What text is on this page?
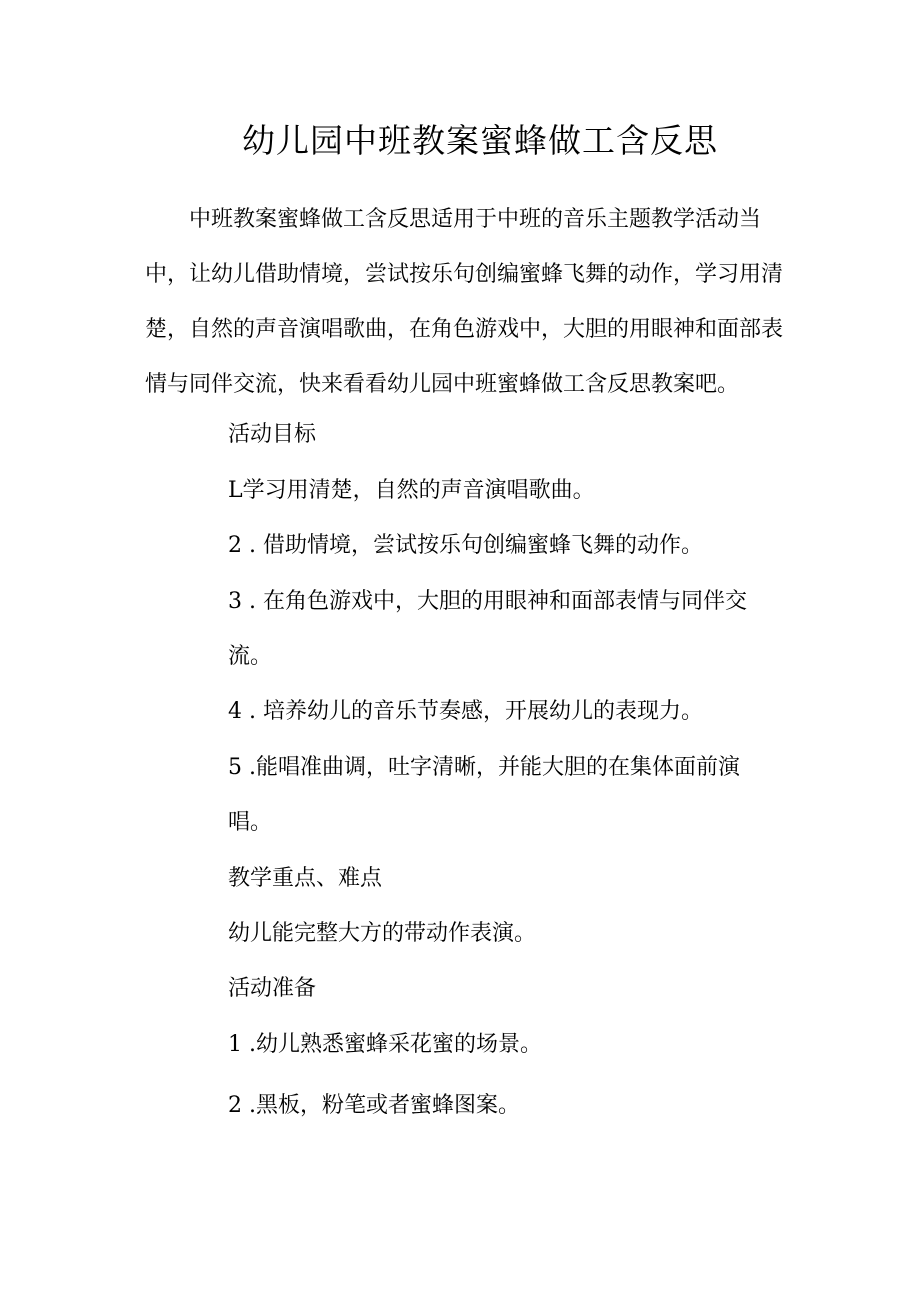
幼儿园中班教案蜜蜂做工含反思
中班教案蜜蜂做工含反思适用于中班的音乐主题教学活动当
中，让幼儿借助情境，尝试按乐句创编蜜蜂飞舞的动作，学习用清
楚，自然的声音演唱歌曲，在角色游戏中，大胆的用眼神和面部表
情与同伴交流，快来看看幼儿园中班蜜蜂做工含反思教案吧。
活动目标
L学习用清楚，自然的声音演唱歌曲。
2 . 借助情境，尝试按乐句创编蜜蜂飞舞的动作。
3 . 在角色游戏中，大胆的用眼神和面部表情与同伴交
流。
4 . 培养幼儿的音乐节奏感，开展幼儿的表现力。
5 .能唱准曲调，吐字清晰，并能大胆的在集体面前演
唱。
教学重点、难点
幼儿能完整大方的带动作表演。
活动准备
1 .幼儿熟悉蜜蜂采花蜜的场景。
2 .黑板，粉笔或者蜜蜂图案。
